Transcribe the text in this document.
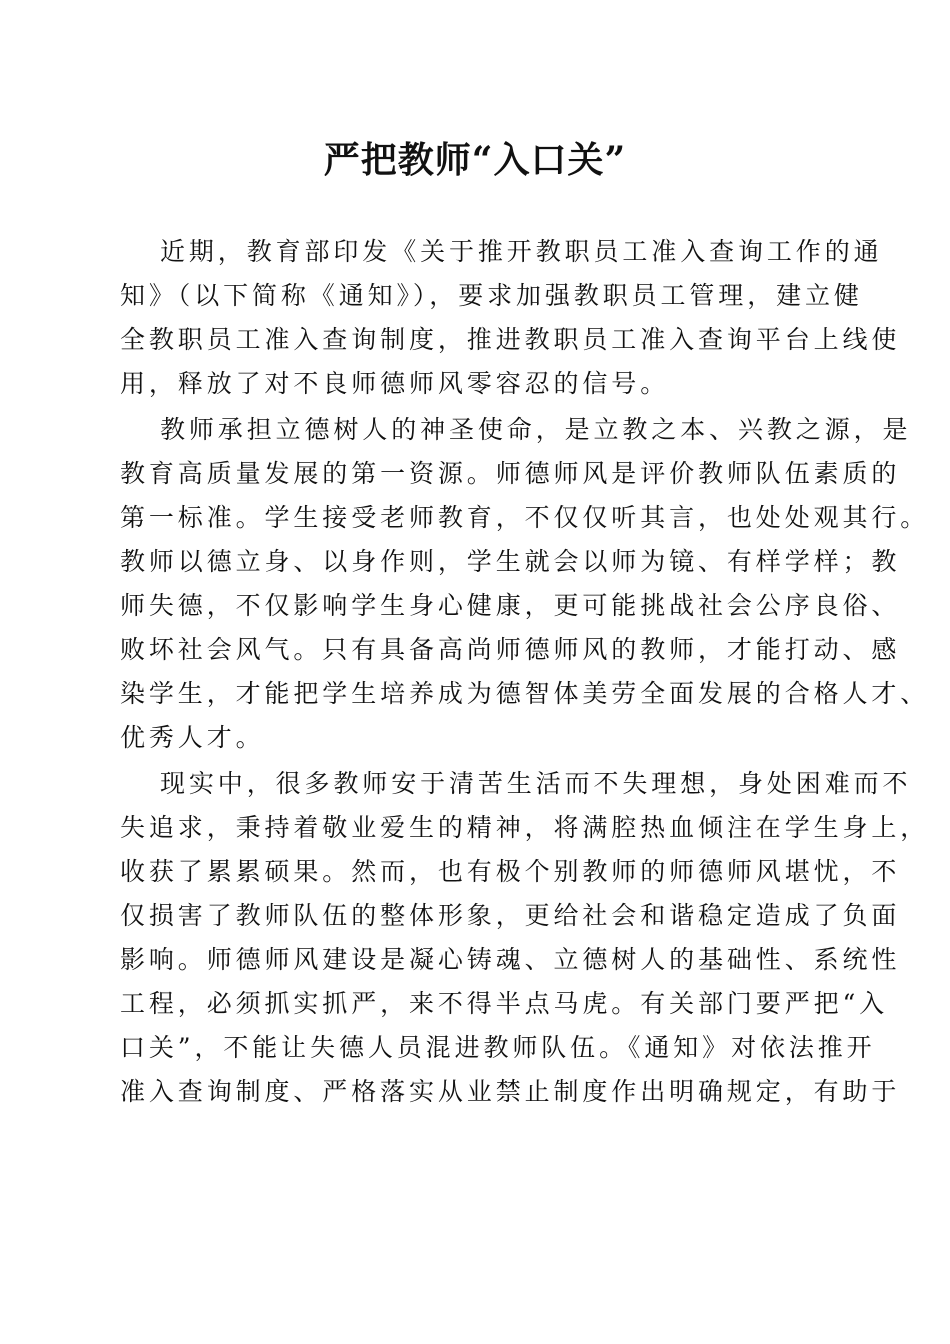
严把教师“入口关”
近期，教育部印发《关于推开教职员工准入查询工作的通
知》（以下简称《通知》），要求加强教职员工管理，建立健
全教职员工准入查询制度，推进教职员工准入查询平台上线使
用，释放了对不良师德师风零容忍的信号。
教师承担立德树人的神圣使命，是立教之本、兴教之源，是
教育高质量发展的第一资源。师德师风是评价教师队伍素质的
第一标准。学生接受老师教育，不仅仅听其言，也处处观其行。
教师以德立身、以身作则，学生就会以师为镜、有样学样；教
师失德，不仅影响学生身心健康，更可能挑战社会公序良俗、
败坏社会风气。只有具备高尚师德师风的教师，才能打动、感
染学生，才能把学生培养成为德智体美劳全面发展的合格人才、
优秀人才。
现实中，很多教师安于清苦生活而不失理想，身处困难而不
失追求，秉持着敬业爱生的精神，将满腔热血倾注在学生身上，
收获了累累硕果。然而，也有极个别教师的师德师风堪忧，不
仅损害了教师队伍的整体形象，更给社会和谐稳定造成了负面
影响。师德师风建设是凝心铸魂、立德树人的基础性、系统性
工程，必须抓实抓严，来不得半点马虎。有关部门要严把“入
口关”，不能让失德人员混进教师队伍。《通知》对依法推开
准入查询制度、严格落实从业禁止制度作出明确规定，有助于
